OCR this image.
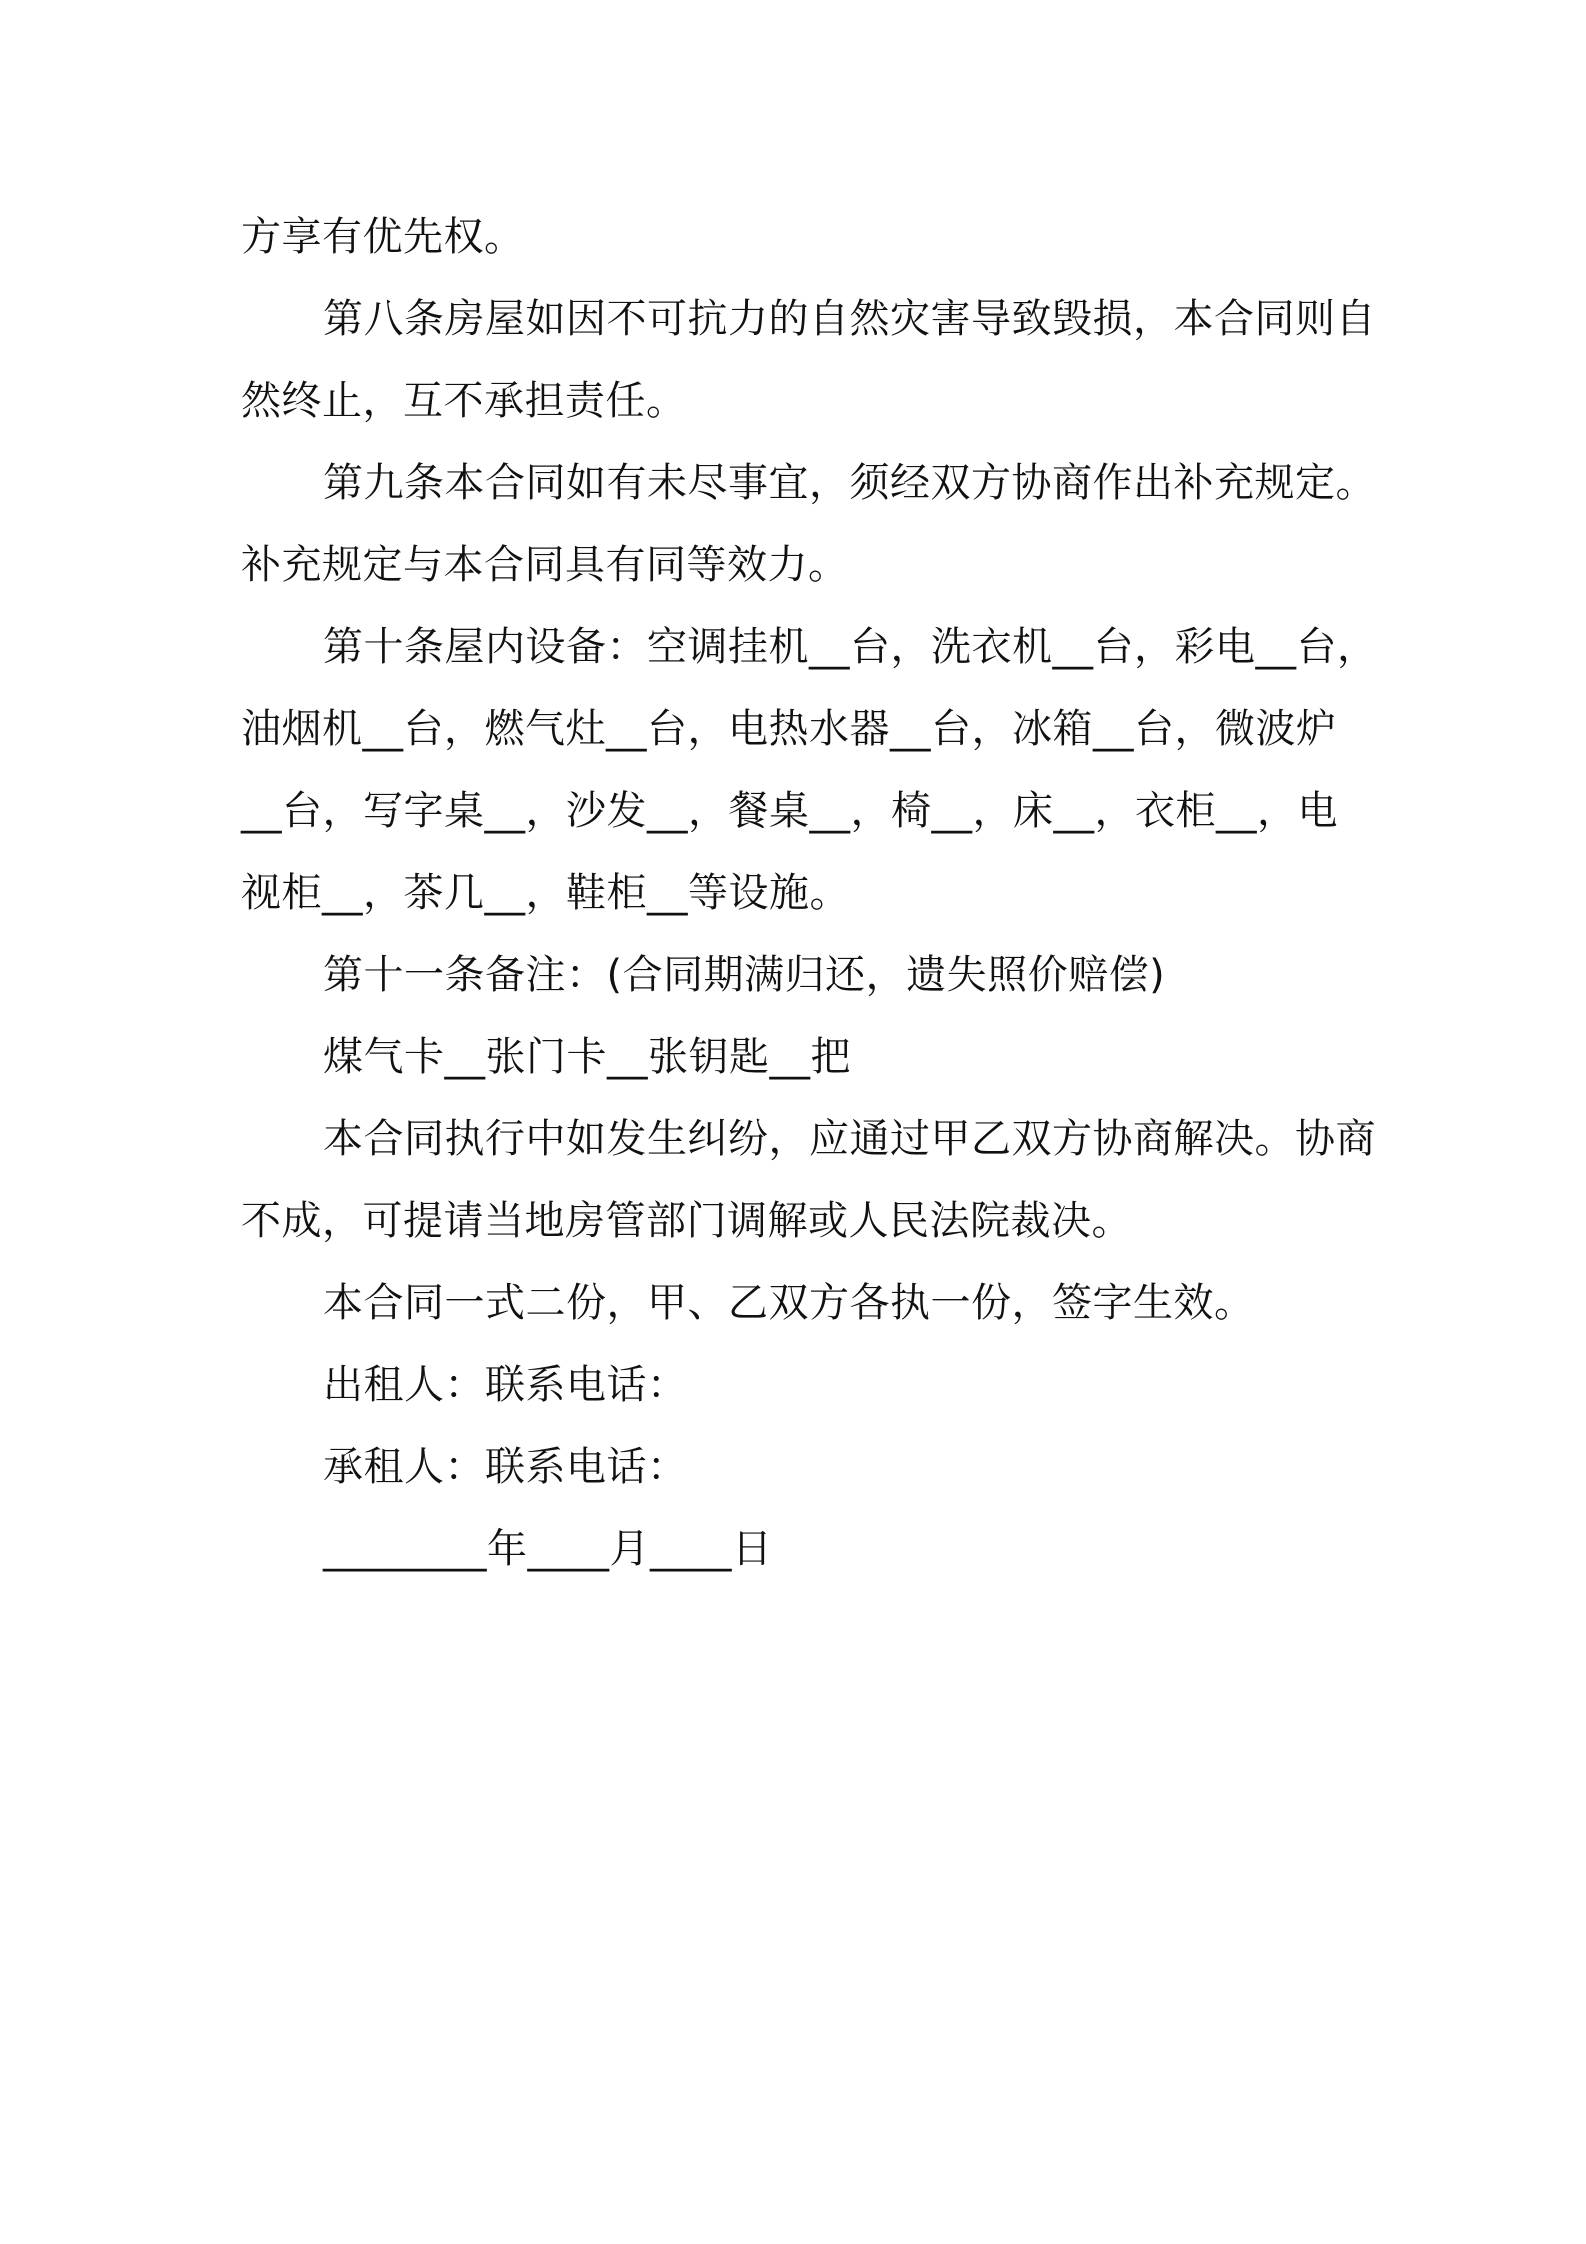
方享有优先权。
第八条房屋如因不可抗力的自然灾害导致毁损，本合同则自
然终止，互不承担责任。
第九条本合同如有未尽事宜，须经双方协商作出补充规定。
补充规定与本合同具有同等效力。
第十条屋内设备：空调挂机__台，洗衣机__台，彩电__台，
油烟机__台，燃气灶__台，电热水器__台，冰箱__台，微波炉
__台，写字桌__，沙发__，餐桌__，椅__，床__，衣柜__，电
视柜__，茶几__，鞋柜__等设施。
第十一条备注：(合同期满归还，遗失照价赔偿)
煤气卡__张门卡__张钥匙__把
本合同执行中如发生纠纷，应通过甲乙双方协商解决。协商
不成，可提请当地房管部门调解或人民法院裁决。
本合同一式二份，甲、乙双方各执一份，签字生效。
出租人：联系电话：
承租人：联系电话：
________年____月____日
